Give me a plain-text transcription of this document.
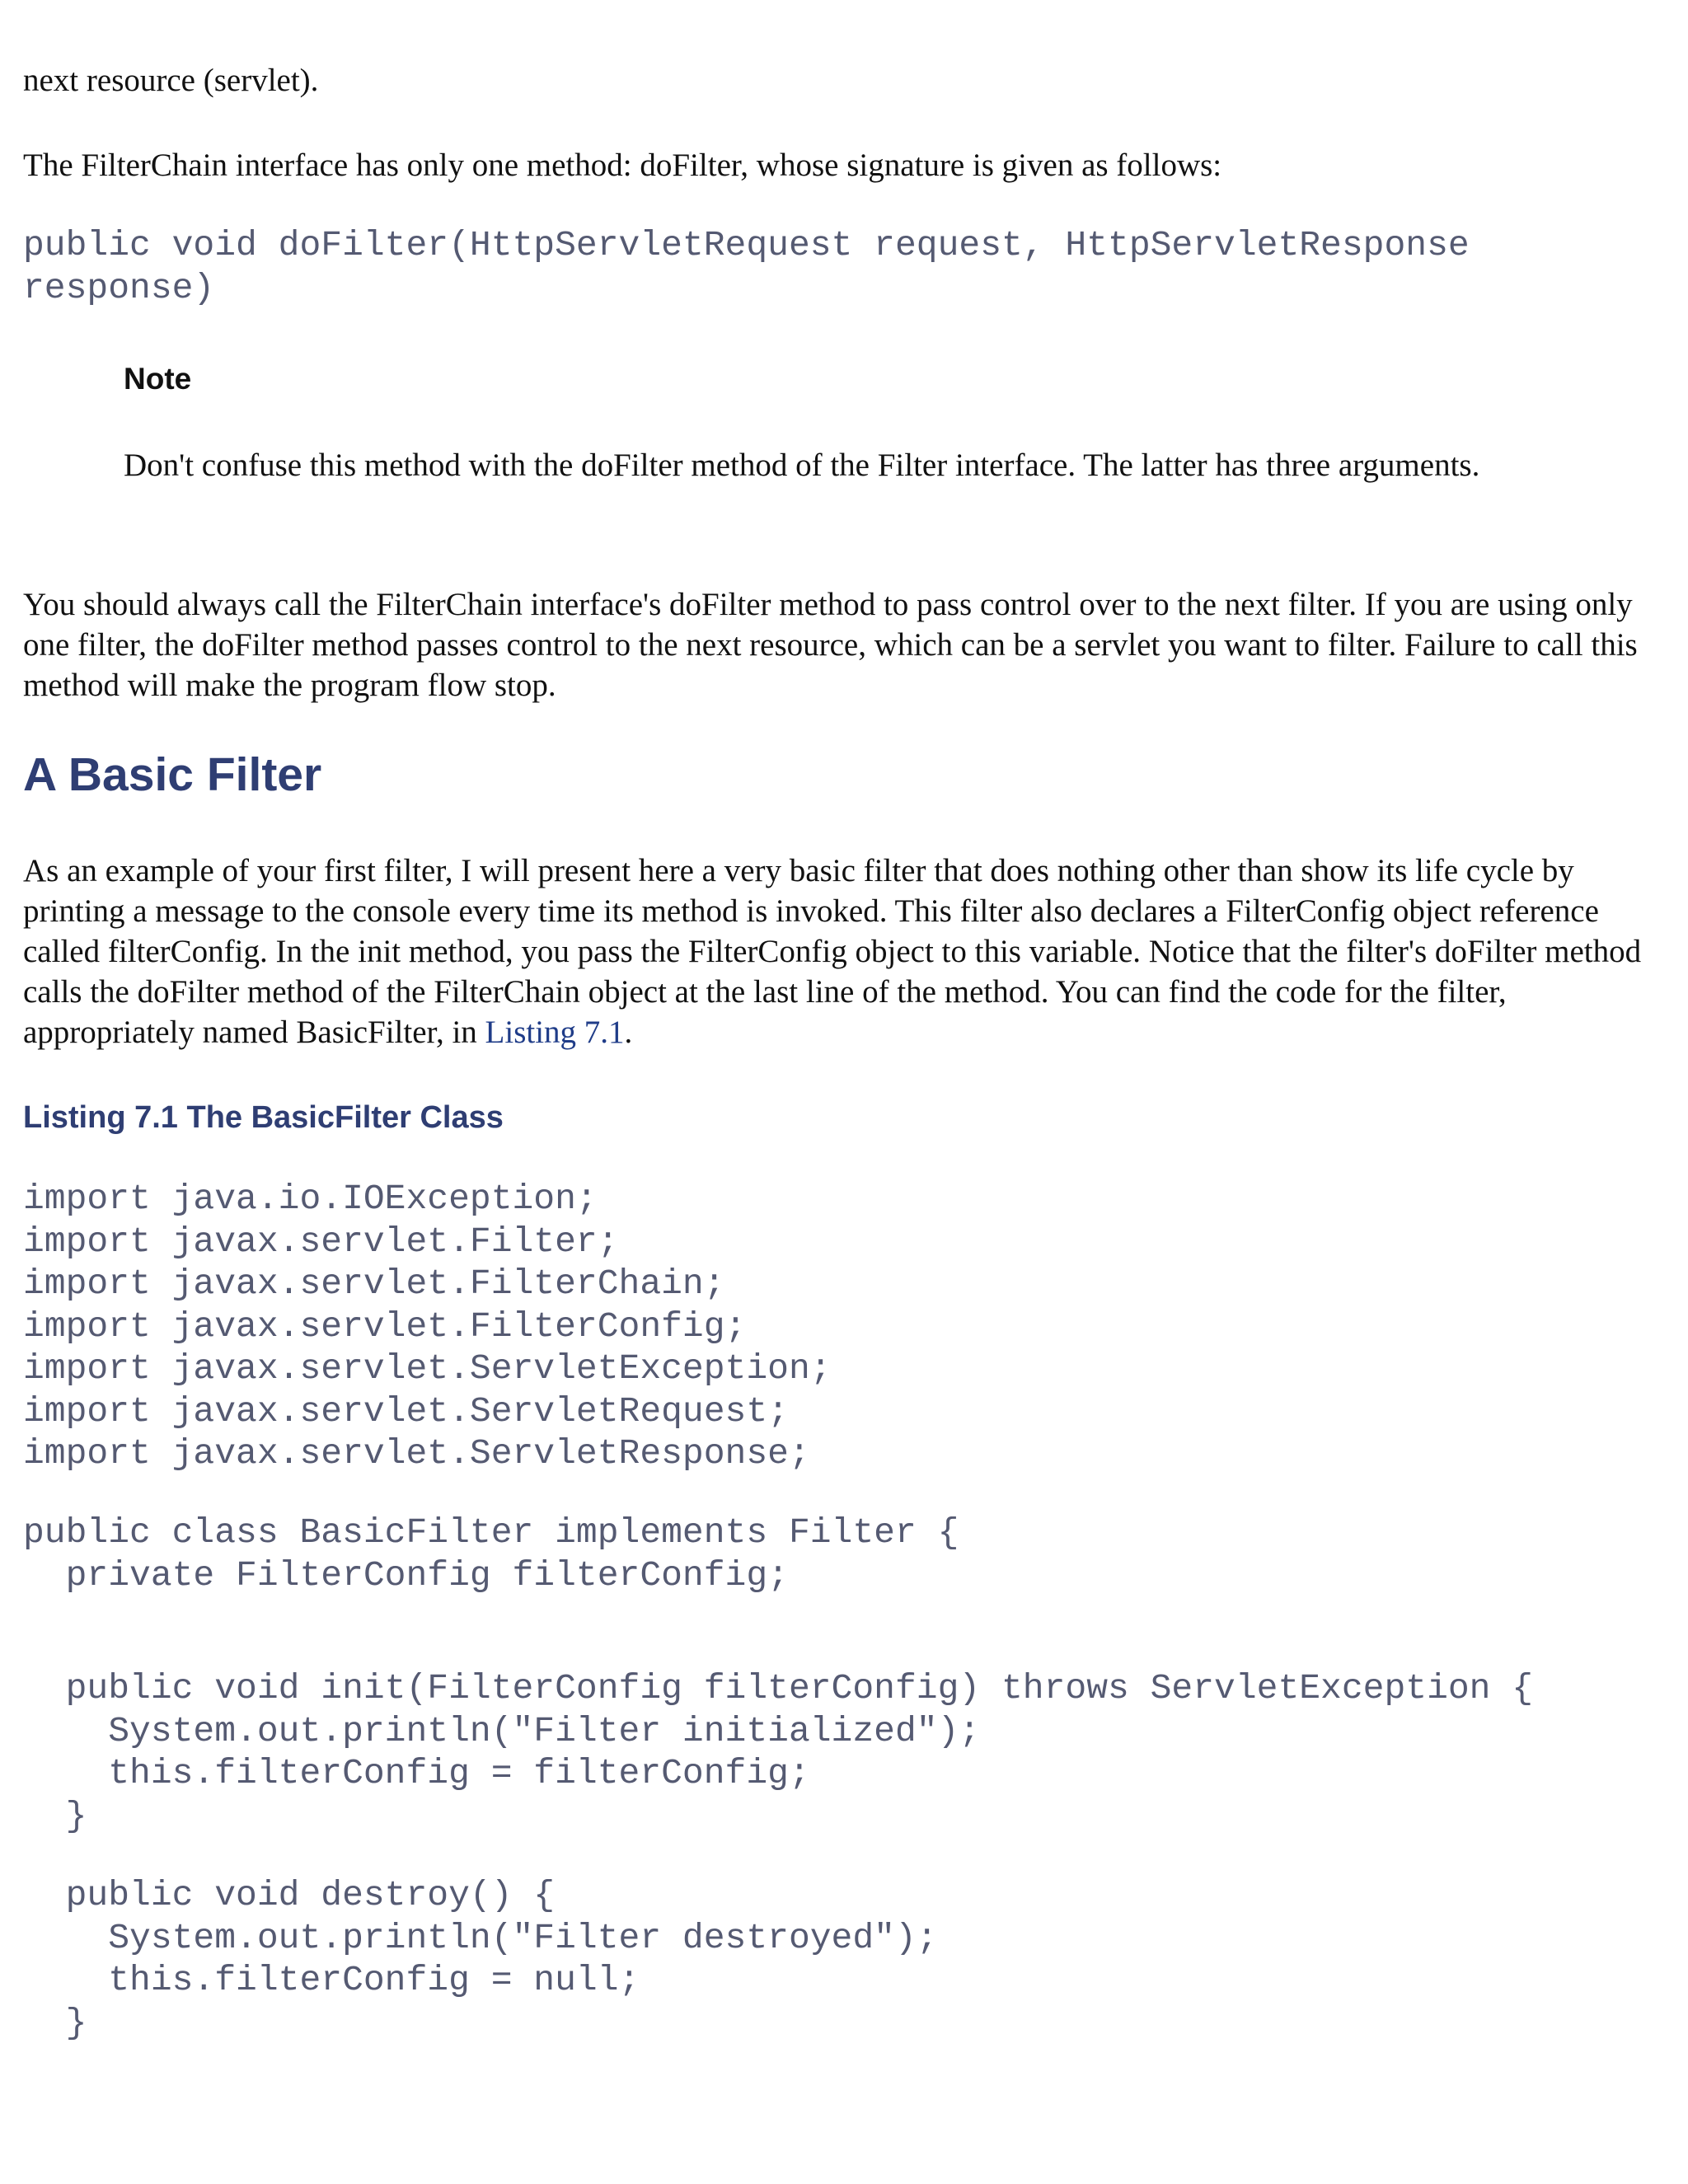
next resource (servlet).

The FilterChain interface has only one method: doFilter, whose signature is given as follows:

public void doFilter(HttpServletRequest request, HttpServletResponse
response)

Note

Don't confuse this method with the doFilter method of the Filter interface. The latter has three arguments.

You should always call the FilterChain interface's doFilter method to pass control over to the next filter. If you are using only one filter, the doFilter method passes control to the next resource, which can be a servlet you want to filter. Failure to call this method will make the program flow stop.

A Basic Filter

As an example of your first filter, I will present here a very basic filter that does nothing other than show its life cycle by printing a message to the console every time its method is invoked. This filter also declares a FilterConfig object reference called filterConfig. In the init method, you pass the FilterConfig object to this variable. Notice that the filter's doFilter method calls the doFilter method of the FilterChain object at the last line of the method. You can find the code for the filter, appropriately named BasicFilter, in Listing 7.1.

Listing 7.1 The BasicFilter Class
import java.io.IOException;
import javax.servlet.Filter;
import javax.servlet.FilterChain;
import javax.servlet.FilterConfig;
import javax.servlet.ServletException;
import javax.servlet.ServletRequest;
import javax.servlet.ServletResponse;
public class BasicFilter implements Filter {
private FilterConfig filterConfig;
public void init(FilterConfig filterConfig) throws ServletException {
System.out.println("Filter initialized");
this.filterConfig = filterConfig;
}
public void destroy() {
System.out.println("Filter destroyed");
this.filterConfig = null;
}
